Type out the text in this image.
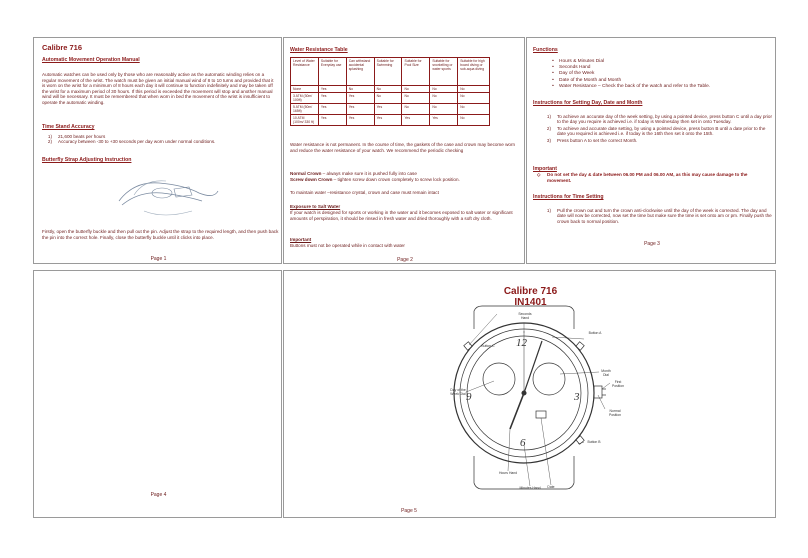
Calibre 716
Automatic Movement Operation Manual
Automatic watches can be used only by those who are reasonably active as the automatic winding relies on a regular movement of the wrist. The watch must be given an initial manual wind of 8 to 10 turns and provided that it is worn on the wrist for a minimum of 8 hours each day it will continue to function indefinitely and may be taken off the wrist for a maximum period of 30 hours. If this period is exceeded the movement will stop and another manual wind will be necessary. It must be remembered that when worn in bed the movement of the wrist is insufficient to operate the automatic winding.
Time Stand Accuracy
1)	21,600 beats per hours
2)	Accuracy between -30 to +30 seconds per day worn under normal conditions.
Butterfly Strap Adjusting Instruction
Firstly, open the butterfly buckle and then pull out the pin. Adjust the strap to the required length, and then push back the pin into the correct hole. Finally, close the butterfly buckle until it clicks into place.
Page 1
Water Resistance Table
Level of Water Resistance	Suitable for Everyday use	Can withstand accidental splashing	Suitable for Swimming	Suitable for Pool Size	Suitable for snorkelling or water sports	Suitable for high board diving or sub-aqua diving
None	Yes	No	No	No	No	No
3 ATM (30m/ 100ft)	Yes	Yes	No	No	No	No
5 ATM (50m/ 165ft)	Yes	Yes	Yes	No	No	No
10 ATM (100m/ 330 ft)	Yes	Yes	Yes	Yes	Yes	No
Water resistance is not permanent. In the course of time, the gaskets of the case and crown may become worn and reduce the water resistance of your watch. We recommend the periodic checking
Normal Crown – always make sure it is pushed fully into case
Screw down Crown – tighten screw down crown completely to screw lock position.
To maintain water –resistance crystal, crown and case must remain intact
Exposure to Salt Water
If your watch is designed for sports or working in the water and it becomes exposed to salt water or significant amounts of perspiration, it should be rinsed in fresh water and dried thoroughly with a soft dry cloth.
Important
Buttons must not be operated while in contact with water
Page 2
Functions
• Hours & Minutes Dial
• Seconds Hand
• Day of the Week
• Date of the Month and Month
• Water Resistance – Check the back of the watch and refer to the Table.
Instructions for Setting Day, Date and Month
1)	To achieve an accurate day of the week setting, by using a pointed device, press button C until a day prior to the day you require is achieved i.e. if today is Wednesday then set in onto Tuesday.
2)	To achieve and accurate date setting, by using a pointed device, press button B until a date prior to the date you required is achieved i.e. if today is the 16th then set it onto the 15th.
3)	Press button A to set the correct Month.
Important
◇	Do not set the day & date between 06.00 PM and 06.00 AM, as this may cause damage to the movement.
Instructions for Time Setting
1)	Pull the crown out and turn the crown anti-clockwise until the day of the week is corrected. The day and date will now be corrected, now set the time but make sure the time is set onto am or pm. Finally push the crown back to normal position.
Page 3
Page 4
Calibre 716
IN1401
12
3
6
9
Seconds Hand
Button A
Button C
Day of the Week Dial
Month Dial
First Position
Normal Position
Button B
Hours Hand
Minutes Hand	Date
Page 5
